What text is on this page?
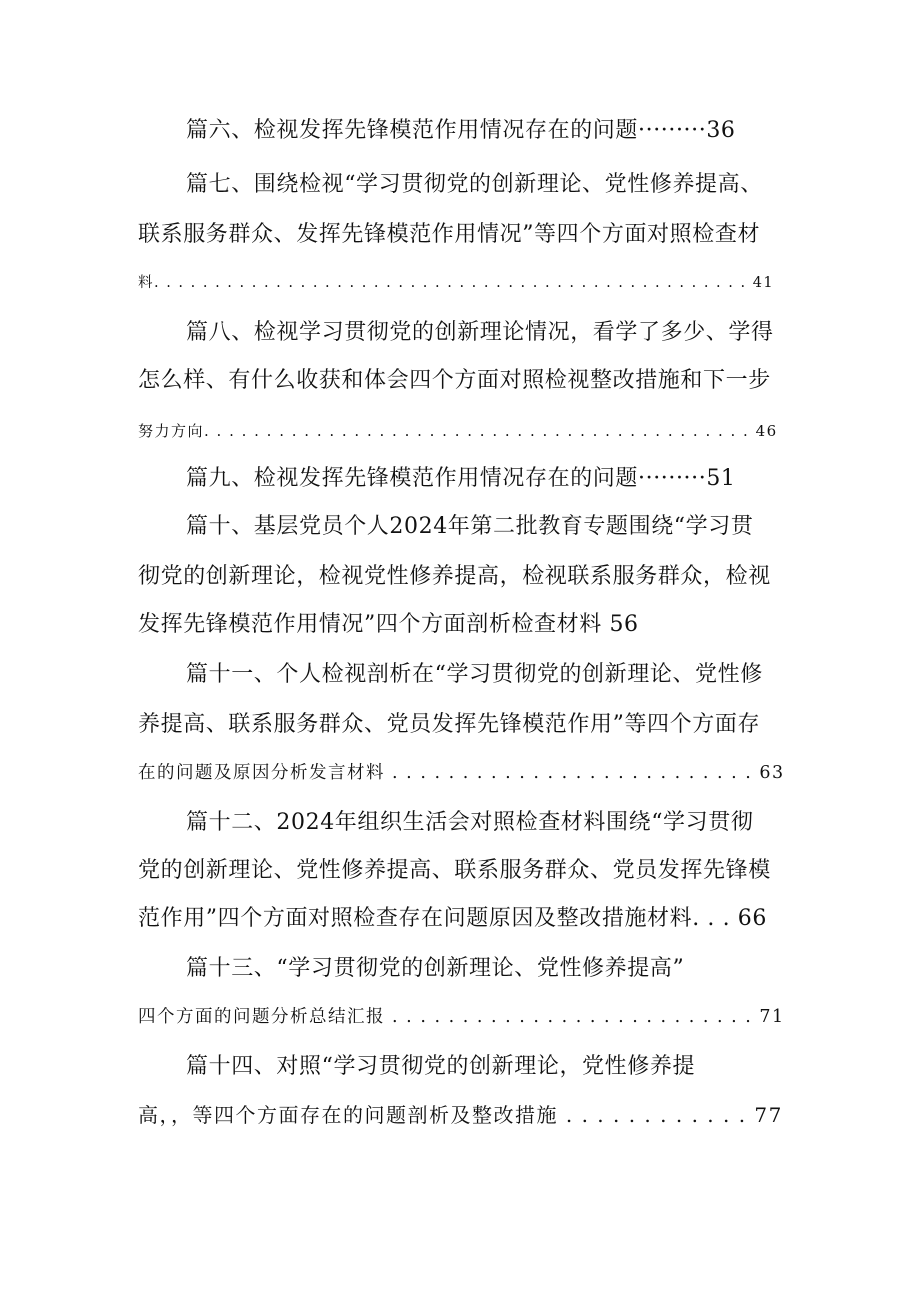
篇六、检视发挥先锋模范作用情况存在的问题·········36
篇七、围绕检视“学习贯彻党的创新理论、党性修养提高、
联系服务群众、发挥先锋模范作用情况”等四个方面对照检查材
料. . . . . . . . . . . . . . . . . . . . . . . . . . . . . . . . . . . . . . . . . . . . . . . . . 41
篇八、检视学习贯彻党的创新理论情况，看学了多少、学得
怎么样、有什么收获和体会四个方面对照检视整改措施和下一步
努力方向. . . . . . . . . . . . . . . . . . . . . . . . . . . . . . . . . . . . . . . . . . . . 46
篇九、检视发挥先锋模范作用情况存在的问题·········51
篇十、基层党员个人2024年第二批教育专题围绕“学习贯
彻党的创新理论，检视党性修养提高，检视联系服务群众，检视
发挥先锋模范作用情况”四个方面剖析检查材料 56
篇十一、个人检视剖析在“学习贯彻党的创新理论、党性修
养提高、联系服务群众、党员发挥先锋模范作用”等四个方面存
在的问题及原因分析发言材料 . . . . . . . . . . . . . . . . . . . . . . . . . . 63
篇十二、2024年组织生活会对照检查材料围绕“学习贯彻
党的创新理论、党性修养提高、联系服务群众、党员发挥先锋模
范作用”四个方面对照检查存在问题原因及整改措施材料. . . 66
篇十三、“学习贯彻党的创新理论、党性修养提高”
四个方面的问题分析总结汇报 . . . . . . . . . . . . . . . . . . . . . . . . . . 71
篇十四、对照“学习贯彻党的创新理论，党性修养提
高，，等四个方面存在的问题剖析及整改措施 . . . . . . . . . . . . 77
